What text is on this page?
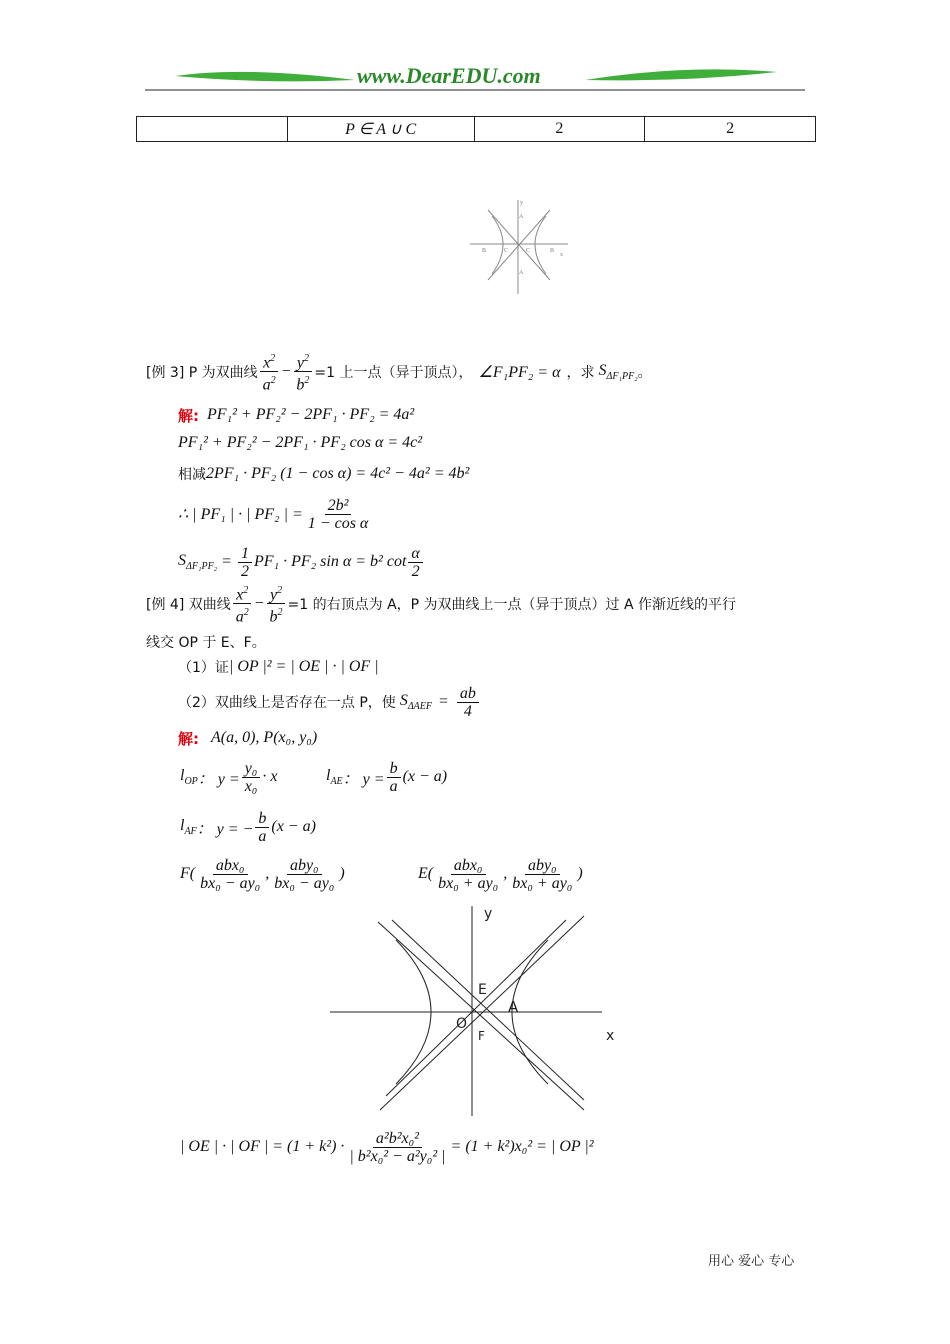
www.DearEDU.com
	P ∈ A ∪ C	2	2
y
A
B	C	C	B
x
A
[例 3] P 为双曲线 $\frac{x^2}{a^2} - \frac{y^2}{b^2} =1$ 上一点（异于顶点）， ∠F₁PF₂ = α ，求 $S_{\Delta F_1PF_2}$ 。
解: PF₁² + PF₂² − 2PF₁ · PF₂ = 4a²
PF₁² + PF₂² − 2PF₁ · PF₂ cos α = 4c²
相减 2PF₁ · PF₂ (1 − cos α) = 4c² − 4a² = 4b²
∴ | PF₁ | · | PF₂ | = $\frac{\text{2b²}}{\text{1 − cos α}}$
$S_{\Delta F_1PF_2} = \frac{1}{2} PF_1 \cdot PF_2$ sin α = b² $\cot \frac{\alpha}{2}$
[例 4] 双曲线 $\frac{x^2}{a^2} - \frac{y^2}{b^2} =1$ 的右顶点为 A，P 为双曲线上一点（异于顶点）过 A 作渐近线的平行
线交 OP 于 E、F。
（1）证 | OP |² = | OE | · | OF |
（2）双曲线上是否存在一点 P，使 $S_{\Delta AEF} = \frac{ab}{4}$
解: A(a, 0), P(x₀, y₀)
$l_{OP}$ ： $y = \frac{\text{y₀}}{\text{x₀}} \cdot x$	$l_{AE}$ ： $y = \frac{b}{a} (x - a)$
$l_{AF}$ ： y = − $\frac{b}{a} (x - a)$
$F( \frac{\text{abx₀}}{\text{bx₀ − ay₀}}$ , $\frac{\text{aby₀}}{\text{bx₀ − ay₀}}$ )	$E( \frac{\text{abx₀}}{\text{bx₀ + ay₀}}$ , $\frac{\text{aby₀}}{\text{bx₀ + ay₀}}$ )
y
E
A
O
F	x
| OE | · | OF | = $(1 + k^2) \cdot \frac{\text{a²b²x₀²}}{\text{| b²x₀² − a²y₀² |}} = (1 + k^2)x_0^2$ = | OP |²
用心 爱心 专心
